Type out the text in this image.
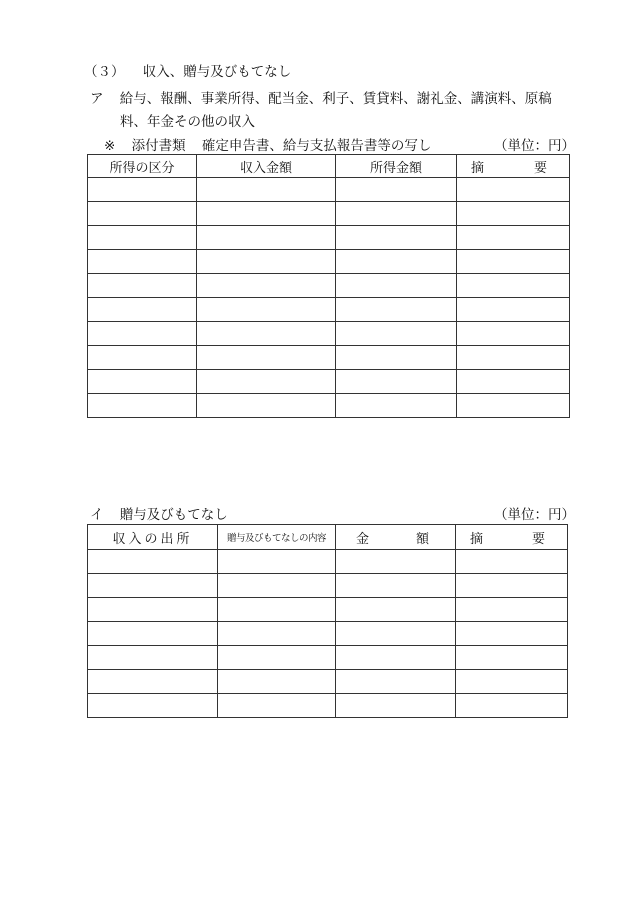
（３） 収入、贈与及びもてなし
ア 給与、報酬、事業所得、配当金、利子、賃貸料、謝礼金、講演料、原稿
料、年金その他の収入
※ 添付書類 確定申告書、給与支払報告書等の写し	（単位：円）
所得の区分	収入金額	所得金額	摘 要

イ 贈与及びもてなし	（単位：円）
収入の出所	贈与及びもてなしの内容	金 額	摘 要
